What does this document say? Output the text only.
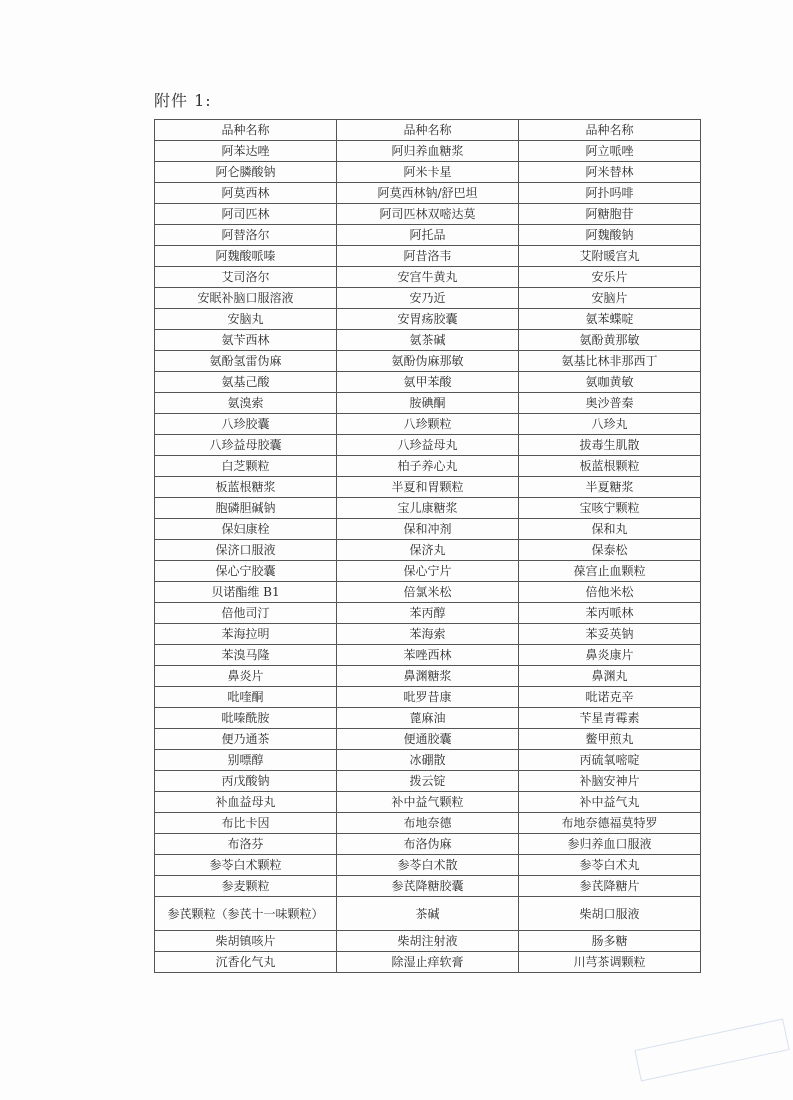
附件 1:
品种名称	品种名称	品种名称
阿苯达唑	阿归养血糖浆	阿立哌唑
阿仑膦酸钠	阿米卡星	阿米替林
阿莫西林	阿莫西林钠/舒巴坦	阿扑吗啡
阿司匹林	阿司匹林双嘧达莫	阿糖胞苷
阿替洛尔	阿托品	阿魏酸钠
阿魏酸哌嗪	阿昔洛韦	艾附暖宫丸
艾司洛尔	安宫牛黄丸	安乐片
安眠补脑口服溶液	安乃近	安脑片
安脑丸	安胃疡胶囊	氨苯蝶啶
氨苄西林	氨茶碱	氨酚黄那敏
氨酚氢雷伪麻	氨酚伪麻那敏	氨基比林非那西丁
氨基己酸	氨甲苯酸	氨咖黄敏
氨溴索	胺碘酮	奥沙普秦
八珍胶囊	八珍颗粒	八珍丸
八珍益母胶囊	八珍益母丸	拔毒生肌散
白芝颗粒	柏子养心丸	板蓝根颗粒
板蓝根糖浆	半夏和胃颗粒	半夏糖浆
胞磷胆碱钠	宝儿康糖浆	宝咳宁颗粒
保妇康栓	保和冲剂	保和丸
保济口服液	保济丸	保泰松
保心宁胶囊	保心宁片	葆宫止血颗粒
贝诺酯维 B1	倍氯米松	倍他米松
倍他司汀	苯丙醇	苯丙哌林
苯海拉明	苯海索	苯妥英钠
苯溴马隆	苯唑西林	鼻炎康片
鼻炎片	鼻渊糖浆	鼻渊丸
吡喹酮	吡罗昔康	吡诺克辛
吡嗪酰胺	蓖麻油	苄星青霉素
便乃通茶	便通胶囊	鳖甲煎丸
别嘌醇	冰硼散	丙硫氧嘧啶
丙戊酸钠	拨云锭	补脑安神片
补血益母丸	补中益气颗粒	补中益气丸
布比卡因	布地奈德	布地奈德福莫特罗
布洛芬	布洛伪麻	参归养血口服液
参苓白术颗粒	参苓白术散	参苓白术丸
参麦颗粒	参芪降糖胶囊	参芪降糖片
参芪颗粒（参芪十一味颗粒）	茶碱	柴胡口服液
柴胡镇咳片	柴胡注射液	肠多糖
沉香化气丸	除湿止痒软膏	川芎茶调颗粒
